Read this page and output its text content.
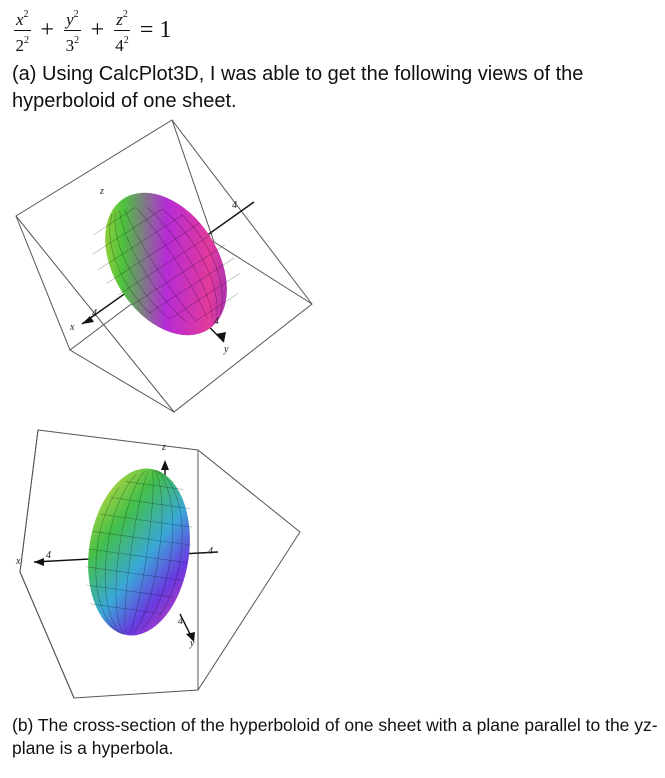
$\frac{x^2}{2^2} + \frac{y^2}{3^2} + \frac{z^2}{4^2} = 1$

(a) Using CalcPlot3D, I was able to get the following views of the hyperboloid of one sheet.

z
x
y
4
4
4
z
x
y
4
4
4

(b) The cross-section of the hyperboloid of one sheet with a plane parallel to the yz-plane is a hyperbola.
